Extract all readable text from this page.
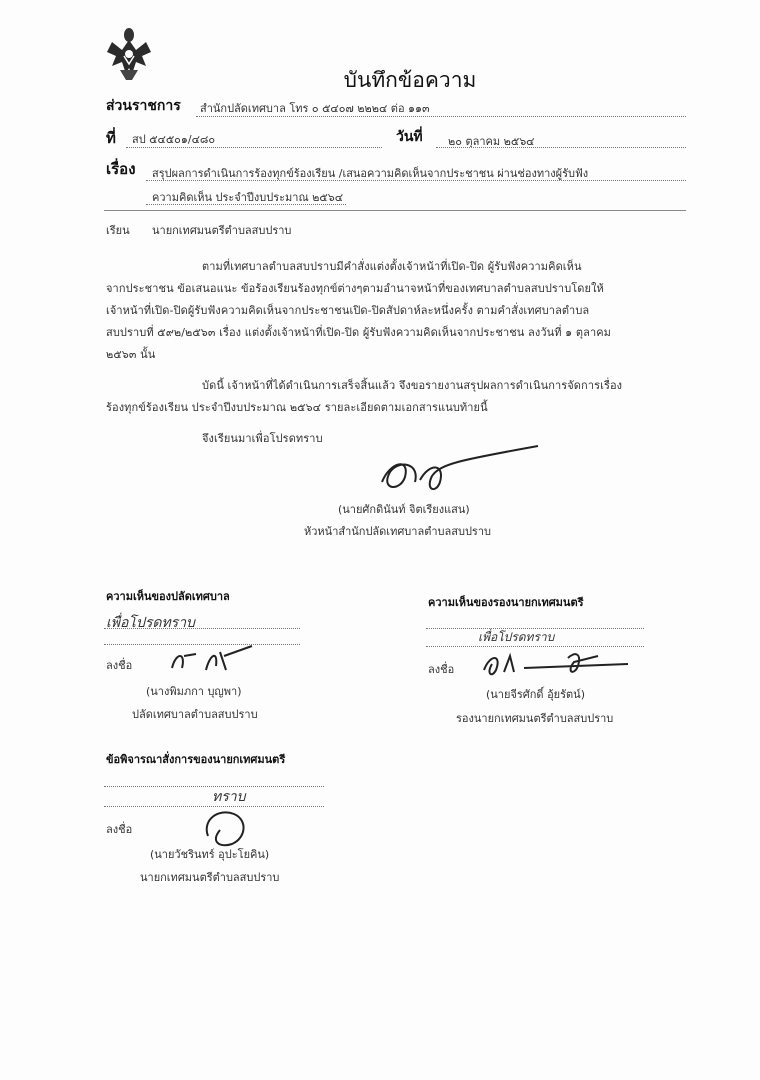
บันทึกข้อความ
ส่วนราชการ สำนักปลัดเทศบาล โทร ๐ ๕๔๐๗ ๒๒๒๔ ต่อ ๑๑๓
ที่ สป ๕๔๕๐๑/๔๘๐	วันที่ ๒๐ ตุลาคม ๒๕๖๔
เรื่อง สรุปผลการดำเนินการร้องทุกข์ร้องเรียน /เสนอความคิดเห็นจากประชาชน ผ่านช่องทางผู้รับฟัง
ความคิดเห็น ประจำปีงบประมาณ ๒๕๖๔
เรียน นายกเทศมนตรีตำบลสบปราบ
ตามที่เทศบาลตำบลสบปราบมีคำสั่งแต่งตั้งเจ้าหน้าที่เปิด-ปิด ผู้รับฟังความคิดเห็น
จากประชาชน ข้อเสนอแนะ ข้อร้องเรียนร้องทุกข์ต่างๆตามอำนาจหน้าที่ของเทศบาลตำบลสบปราบโดยให้
เจ้าหน้าที่เปิด-ปิดผู้รับฟังความคิดเห็นจากประชาชนเปิด-ปิดสัปดาห์ละหนึ่งครั้ง ตามคำสั่งเทศบาลตำบล
สบปราบที่ ๕๙๒/๒๕๖๓ เรื่อง แต่งตั้งเจ้าหน้าที่เปิด-ปิด ผู้รับฟังความคิดเห็นจากประชาชน ลงวันที่ ๑ ตุลาคม
๒๕๖๓ นั้น
บัดนี้ เจ้าหน้าที่ได้ดำเนินการเสร็จสิ้นแล้ว จึงขอรายงานสรุปผลการดำเนินการจัดการเรื่อง
ร้องทุกข์ร้องเรียน ประจำปีงบประมาณ ๒๕๖๔ รายละเอียดตามเอกสารแนบท้ายนี้
จึงเรียนมาเพื่อโปรดทราบ
(นายศักดินันท์ จิตเรียงแสน)
หัวหน้าสำนักปลัดเทศบาลตำบลสบปราบ
ความเห็นของปลัดเทศบาล
เพื่อโปรดทราบ
ลงชื่อ
(นางพิมภกา บุญพา)
ปลัดเทศบาลตำบลสบปราบ
ความเห็นของรองนายกเทศมนตรี
เพื่อโปรดทราบ
ลงชื่อ
(นายจีรศักดิ์ อุ้ยรัตน์)
รองนายกเทศมนตรีตำบลสบปราบ
ข้อพิจารณาสั่งการของนายกเทศมนตรี
ทราบ
ลงชื่อ
(นายวัชรินทร์ อุปะโยคิน)
นายกเทศมนตรีตำบลสบปราบ
